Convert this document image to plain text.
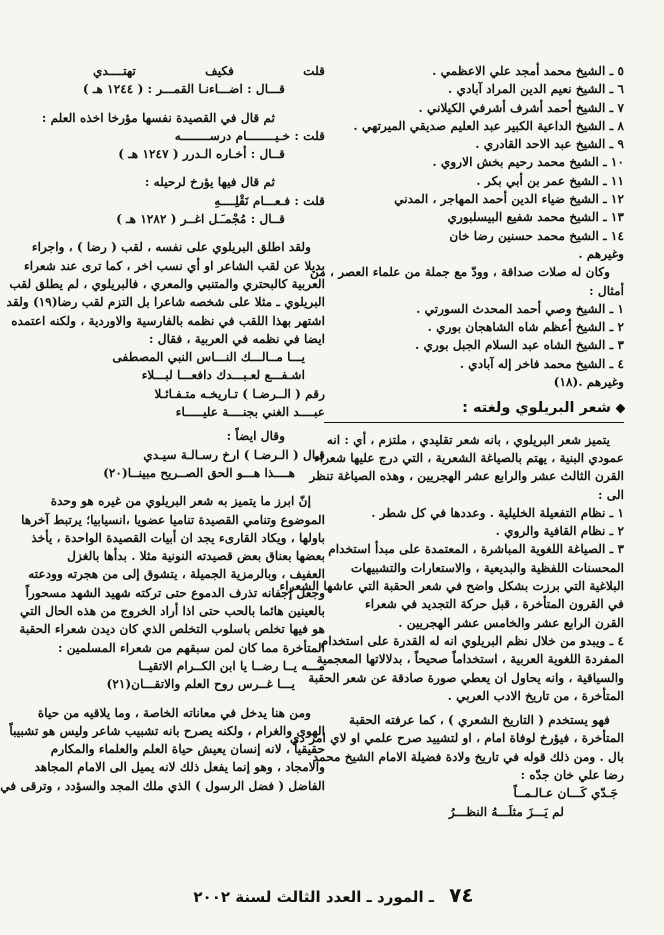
٥ ـ الشيخ محمد أمجد علي الاعظمي .
٦ ـ الشيخ نعيم الدين المراد آبادي .
٧ ـ الشيخ أحمد أشرف أشرفي الكيلاني .
٨ ـ الشيخ الداعية الكبير عبد العليم صديقي الميرتهي .
٩ ـ الشيخ عبد الاحد القادري .
١٠ ـ الشيخ محمد رحيم بخش الاروي .
١١ ـ الشيخ عمر بن أبي بكر .
١٢ ـ الشيخ ضياء الدين أحمد المهاجر ، المدني
١٣ ـ الشيخ محمد شفيع البيسلبوري
١٤ ـ الشيخ محمد حسنين رضا خان
وغيرهم .
وكان له صلات صداقة ، وودّ مع جملة من علماء العصر ، من
أمثال :
١ ـ الشيخ وصي أحمد المحدث السورتي .
٢ ـ الشيخ أعظم شاه الشاهجان بوري .
٣ ـ الشيخ الشاه عبد السلام الجبل بوري .
٤ ـ الشيخ محمد فاخر إله آبادي .
وغيرهم .(١٨)
شعر البريلوي ولغته :
يتميز شعر البريلوي ، بانه شعر تقليدي ، ملتزم ، أي : انه
عمودي البنية ، يهتم بالصياغة الشعرية ، التي درج عليها شعراء
القرن الثالث عشر والرابع عشر الهجريين ، وهذه الصياغة تنظر
الى :
١ ـ نظام التفعيلة الخليلية . وعددها في كل شطر .
٢ ـ نظام القافية والروي .
٣ ـ الصياغة اللغوية المباشرة ، المعتمدة على مبدأ استخدام
المحسنات اللفظية والبديعية ، والاستعارات والتشبيهات
البلاغية التي برزت بشكل واضح في شعر الحقبة التي عاشها الشعراء
في القرون المتأخرة ، قبل حركة التجديد في شعراء
القرن الرابع عشر والخامس عشر الهجريين .
٤ ـ ويبدو من خلال نظم البريلوي انه له القدرة على استخدام
المفردة اللغوية العربية ، استخداماً صحيحاً ، بدلالاتها المعجمية
والسياقية ، وانه يحاول ان يعطي صورة صادقة عن شعر الحقبة
المتأخرة ، من تاريخ الادب العربي .
فهو يستخدم ( التاريخ الشعري ) ، كما عرفته الحقبة
المتأخرة ، فيؤرخ لوفاة امام ، او لتشييد صرح علمي او لاي امر ذي
بال . ومن ذلك قوله في تاريخ ولادة فضيلة الامام الشيخ محمد
رضا علي خان جدّه :
جَـدّي كَـــان عـالـمــاً
لم يَـــزَ مثلَـــهُ النظـــرُ
قلت
فكيف
تهتــــدي
قـــال : اضـــاءنـا القمـــر : ( ١٢٤٤ هـ )
ثم قال في القصيدة نفسها مؤرخا اخذه العلم :
قلت : خـيــــــــام درســــــــه
قــال : أخـاره الـدرر ( ١٢٤٧ هـ )
ثم قال فيها يؤرخ لرحيله :
قلت : فـعـــام نَقْلِــــهِ
قــال : مُجْمـَـل اغــر ( ١٢٨٢ هـ )
ولقد اطلق البريلوي على نفسه ، لقب ( رضا ) ، واجراء
بديلا عن لقب الشاعر او أي نسب اخر ، كما ترى عند شعراء
العربية كالبحتري والمتنبي والمعري ، فالبريلوي ، لم يطلق لقب
البريلوي ـ مثلا على شخصه شاعرا بل التزم لقب رضا(١٩) ولقد
اشتهر بهذا اللقب في نظمه بالفارسية والاوردية ، ولكنه اعتمده
ايضا في نظمه في العربية ، فقال :
يـــا مــالـــك النـــاس النبي المصطفى
اشـفـــع لعـبـــدك دافعـــا لبـــلاء
رقم ( الــرضـا ) تـاريخـه متـفـائـلا
عبــــد الغني بجنــــة عليـــــاء
وقال ايضاً :
قـال ( الـرضـا ) ارخ رسـالـة سيـدي
هــــذا هـــو الحق الصــريح مبينــا(٢٠)
إنّ ابرز ما يتميز به شعر البريلوي من غيره هو وحدة
الموضوع وتنامي القصيدة تناميا عضويا ،انسيابيا؛ يرتبط آخرها
باولها ، ويكاد القارىء يجد ان أبيات القصيدة الواحدة ، يأخذ
بعضها بعناق بعض قصيدته النونية مثلا . بدأها بالغزل
العفيف ، وبالرمزية الجميلة ، يتشوق إلى من هجرته وودعته
وجعل إجفانه تذرف الدموع حتى تركته شهيد الشهد مسحوراً
بالعينين هائما بالحب حتى اذا أراد الخروج من هذه الحال التي
هو فيها تخلص باسلوب التخلص الذي كان ديدن شعراء الحقبة
المتأخرة مما كان لمن سبقهم من شعراء المسلمين :
مـــه يــا رضــا يا ابن الكــرام الاتقيــا
يـــا غــرس روح العلم والاتقـــان(٢١)
ومن هنا يدخل في معاناته الخاصة ، وما يلاقيه من حياة
الهوى والغرام ، ولكنه يصرح بانه تشبيب شاعر وليس هو تشبيباً
حقيقياً ، لانه إنسان يعيش حياة العلم والعلماء والمكارم
والامجاد ، وهو إنما يفعل ذلك لانه يميل الى الامام المجاهد
الفاضل ( فضل الرسول ) الذي ملك المجد والسؤدد ، وترقى في
٧٤ ـ المورد ـ العدد الثالث لسنة ٢٠٠٢
